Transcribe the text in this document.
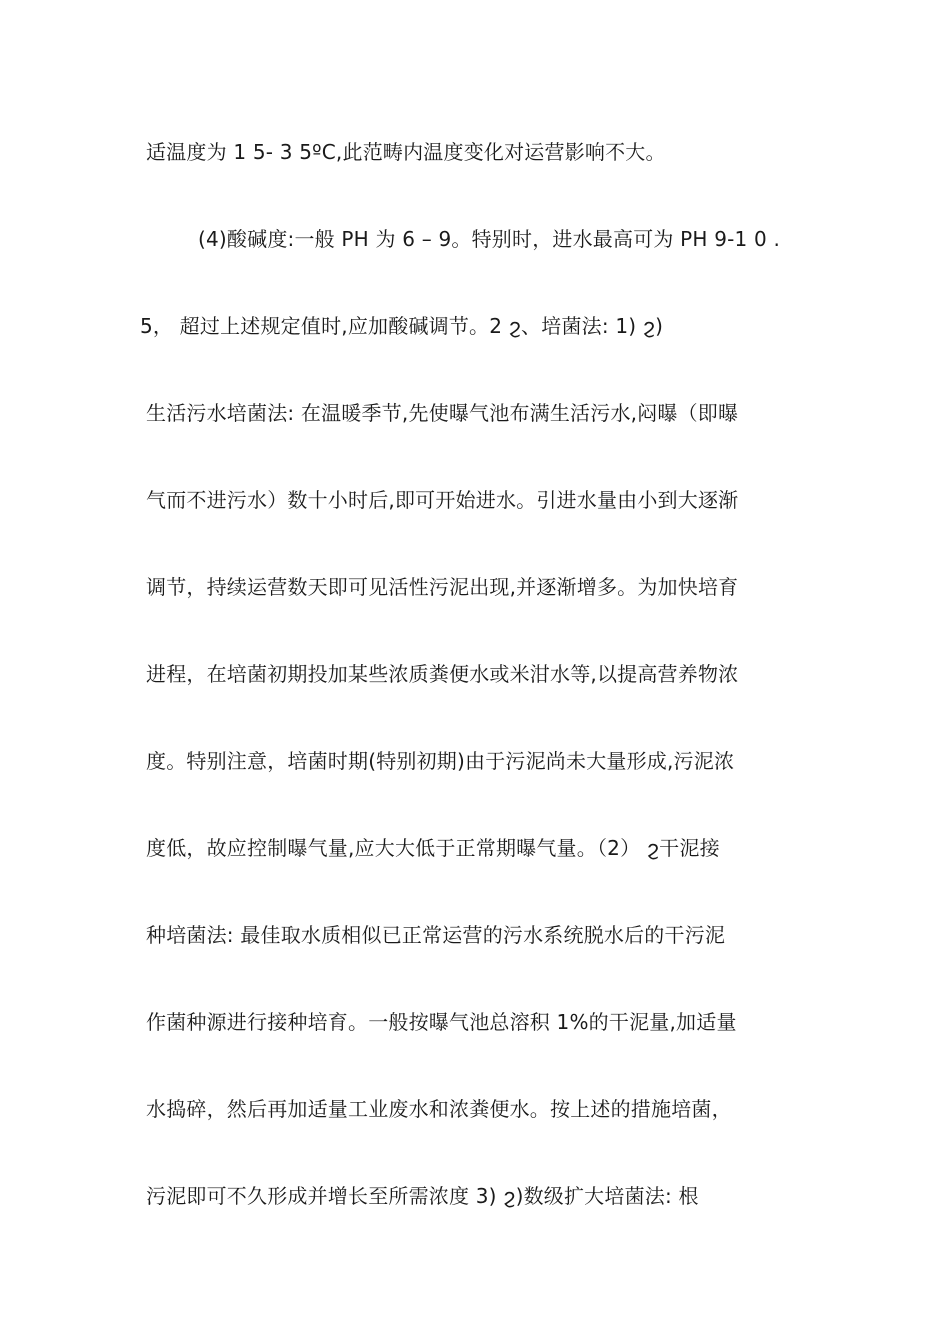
适温度为 1 5- 3 5ºC,此范畴内温度变化对运营影响不大。
(4)酸碱度:一般 PH 为 6 – 9。特别时，进水最高可为 PH 9-1 0 .
5， 超过上述规定值时,应加酸碱调节。2 ϩ、培菌法: 1) ϩ)
生活污水培菌法: 在温暖季节,先使曝气池布满生活污水,闷曝（即曝
气而不进污水）数十小时后,即可开始进水。引进水量由小到大逐渐
调节，持续运营数天即可见活性污泥出现,并逐渐增多。为加快培育
进程，在培菌初期投加某些浓质粪便水或米泔水等,以提高营养物浓
度。特别注意，培菌时期(特别初期)由于污泥尚未大量形成,污泥浓
度低，故应控制曝气量,应大大低于正常期曝气量。（2） ϩ干泥接
种培菌法: 最佳取水质相似已正常运营的污水系统脱水后的干污泥
作菌种源进行接种培育。一般按曝气池总溶积 1%的干泥量,加适量
水捣碎，然后再加适量工业废水和浓粪便水。按上述的措施培菌，
污泥即可不久形成并增长至所需浓度 3) ϩ)数级扩大培菌法: 根
